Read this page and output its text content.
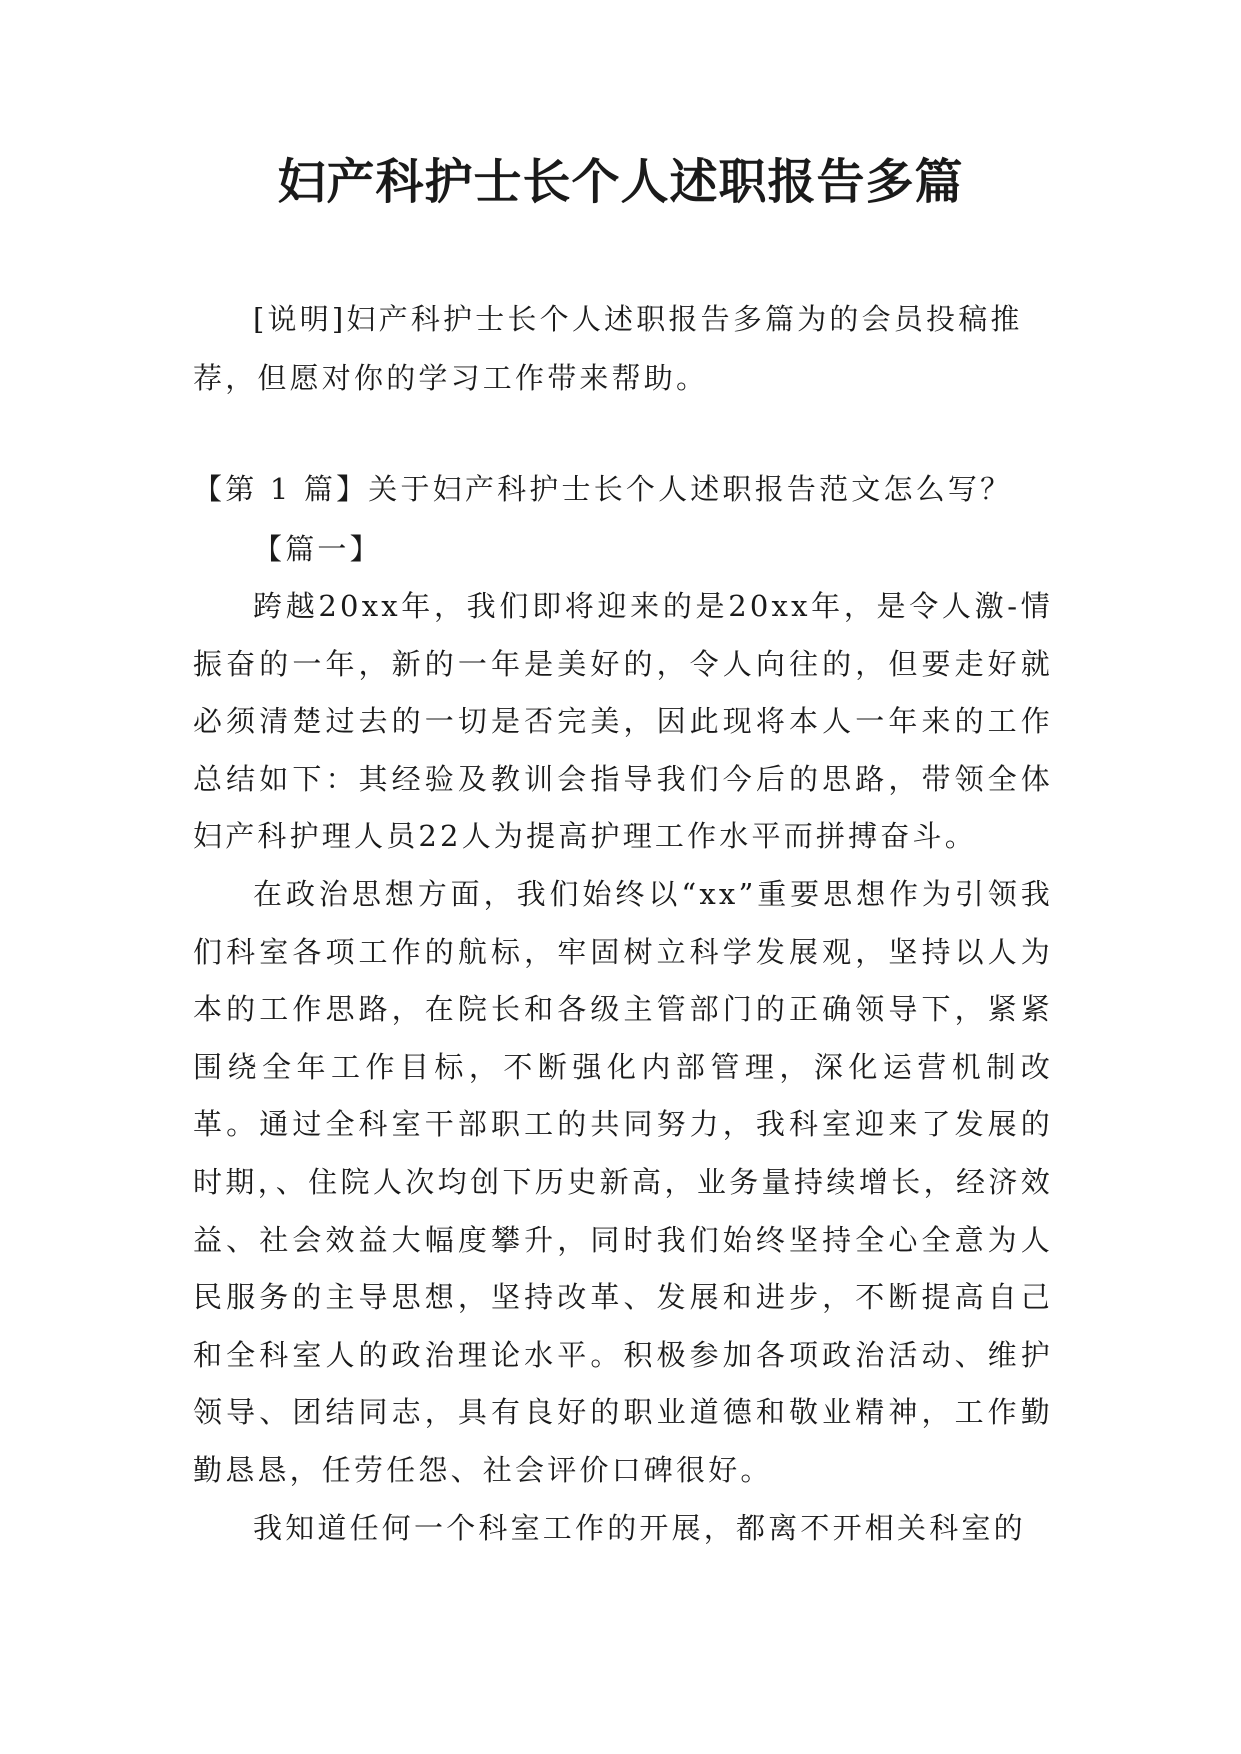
妇产科护士长个人述职报告多篇

[说明]妇产科护士长个人述职报告多篇为的会员投稿推荐，但愿对你的学习工作带来帮助。

【第 1 篇】关于妇产科护士长个人述职报告范文怎么写？

【篇一】

跨越20xx年，我们即将迎来的是20xx年，是令人激-情振奋的一年，新的一年是美好的，令人向往的，但要走好就必须清楚过去的一切是否完美，因此现将本人一年来的工作总结如下：其经验及教训会指导我们今后的思路，带领全体妇产科护理人员22人为提高护理工作水平而拼搏奋斗。

在政治思想方面，我们始终以“xx”重要思想作为引领我们科室各项工作的航标，牢固树立科学发展观，坚持以人为本的工作思路，在院长和各级主管部门的正确领导下，紧紧围绕全年工作目标，不断强化内部管理，深化运营机制改革。通过全科室干部职工的共同努力，我科室迎来了发展的时期，、住院人次均创下历史新高，业务量持续增长，经济效益、社会效益大幅度攀升，同时我们始终坚持全心全意为人民服务的主导思想，坚持改革、发展和进步，不断提高自己和全科室人的政治理论水平。积极参加各项政治活动、维护领导、团结同志，具有良好的职业道德和敬业精神，工作勤勤恳恳，任劳任怨、社会评价口碑很好。

我知道任何一个科室工作的开展，都离不开相关科室的
